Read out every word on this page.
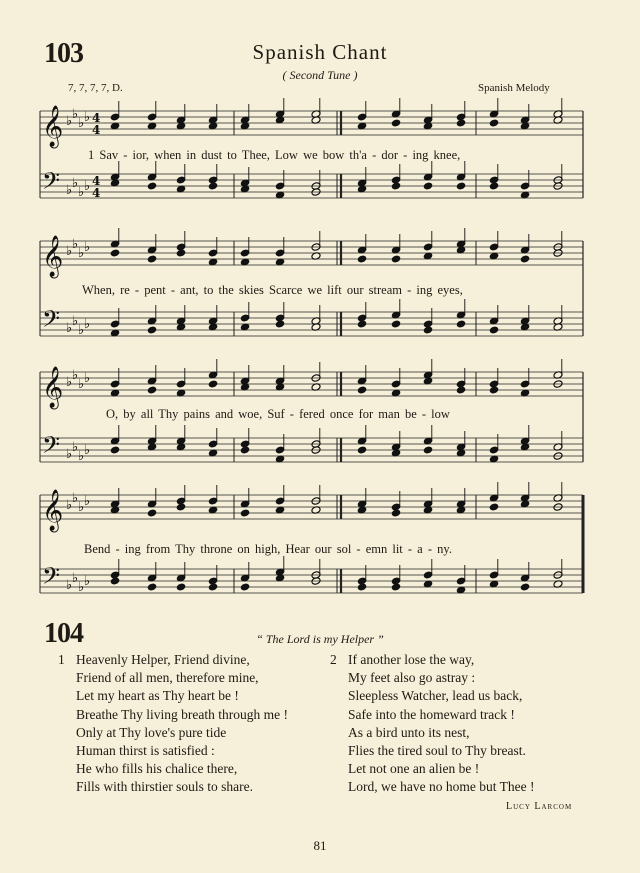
103	Spanish Chant
( Second Tune )
7, 7, 7, 7, D.	Spanish Melody
𝄞 ♭ ♭
♭ ♭ 4
4
𝄢 ♭ ♭
♭ ♭ 4
4
1 Sav - ior, when in dust to Thee, Low we bow th'a - dor - ing knee,
𝄞 ♭ ♭
♭ ♭
𝄢 ♭ ♭
♭ ♭
When, re - pent - ant, to the skies Scarce we lift our stream - ing eyes,
𝄞 ♭ ♭
♭ ♭
𝄢 ♭ ♭
♭ ♭
O, by all Thy pains and woe, Suf - fered once for man be - low
𝄞 ♭ ♭
♭ ♭
𝄢 ♭ ♭
♭ ♭
Bend - ing from Thy throne on high, Hear our sol - emn lit - a - ny.
104	“ The Lord is my Helper ”
1 Heavenly Helper, Friend divine,
Friend of all men, therefore mine,
Let my heart as Thy heart be !
Breathe Thy living breath through me !
Only at Thy love's pure tide
Human thirst is satisfied :
He who fills his chalice there,
Fills with thirstier souls to share.
2 If another lose the way,
My feet also go astray :
Sleepless Watcher, lead us back,
Safe into the homeward track !
As a bird unto its nest,
Flies the tired soul to Thy breast.
Let not one an alien be !
Lord, we have no home but Thee !
Lucy Larcom
81
